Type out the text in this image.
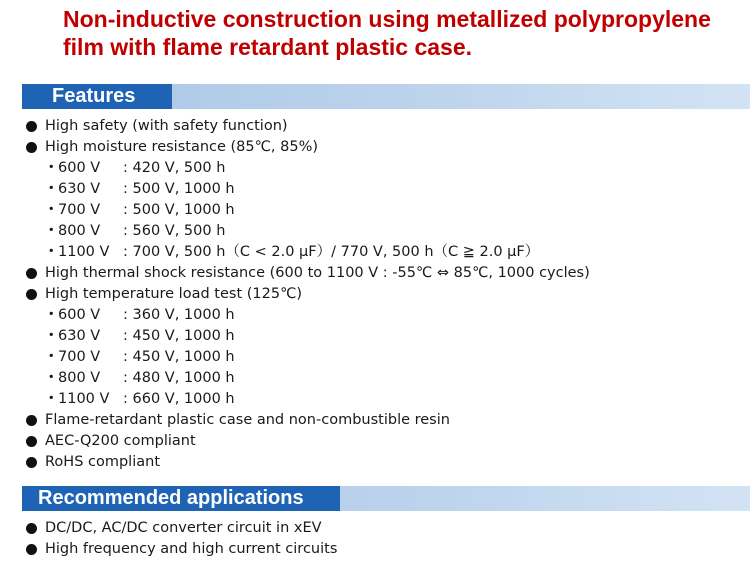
Non-inductive construction using metallized polypropylene film with flame retardant plastic case.
Features
High safety (with safety function)
High moisture resistance (85℃, 85%)
・ 600 V : 420 V, 500 h
・ 630 V : 500 V, 1000 h
・ 700 V : 500 V, 1000 h
・ 800 V : 560 V, 500 h
・ 1100 V : 700 V, 500 h（C < 2.0 μF）/ 770 V, 500 h（C ≧ 2.0 μF）
High thermal shock resistance (600 to 1100 V : -55℃ ⇔ 85℃, 1000 cycles)
High temperature load test (125℃)
・ 600 V : 360 V, 1000 h
・ 630 V : 450 V, 1000 h
・ 700 V : 450 V, 1000 h
・ 800 V : 480 V, 1000 h
・ 1100 V : 660 V, 1000 h
Flame-retardant plastic case and non-combustible resin
AEC-Q200 compliant
RoHS compliant
Recommended applications
DC/DC, AC/DC converter circuit in xEV
High frequency and high current circuits
